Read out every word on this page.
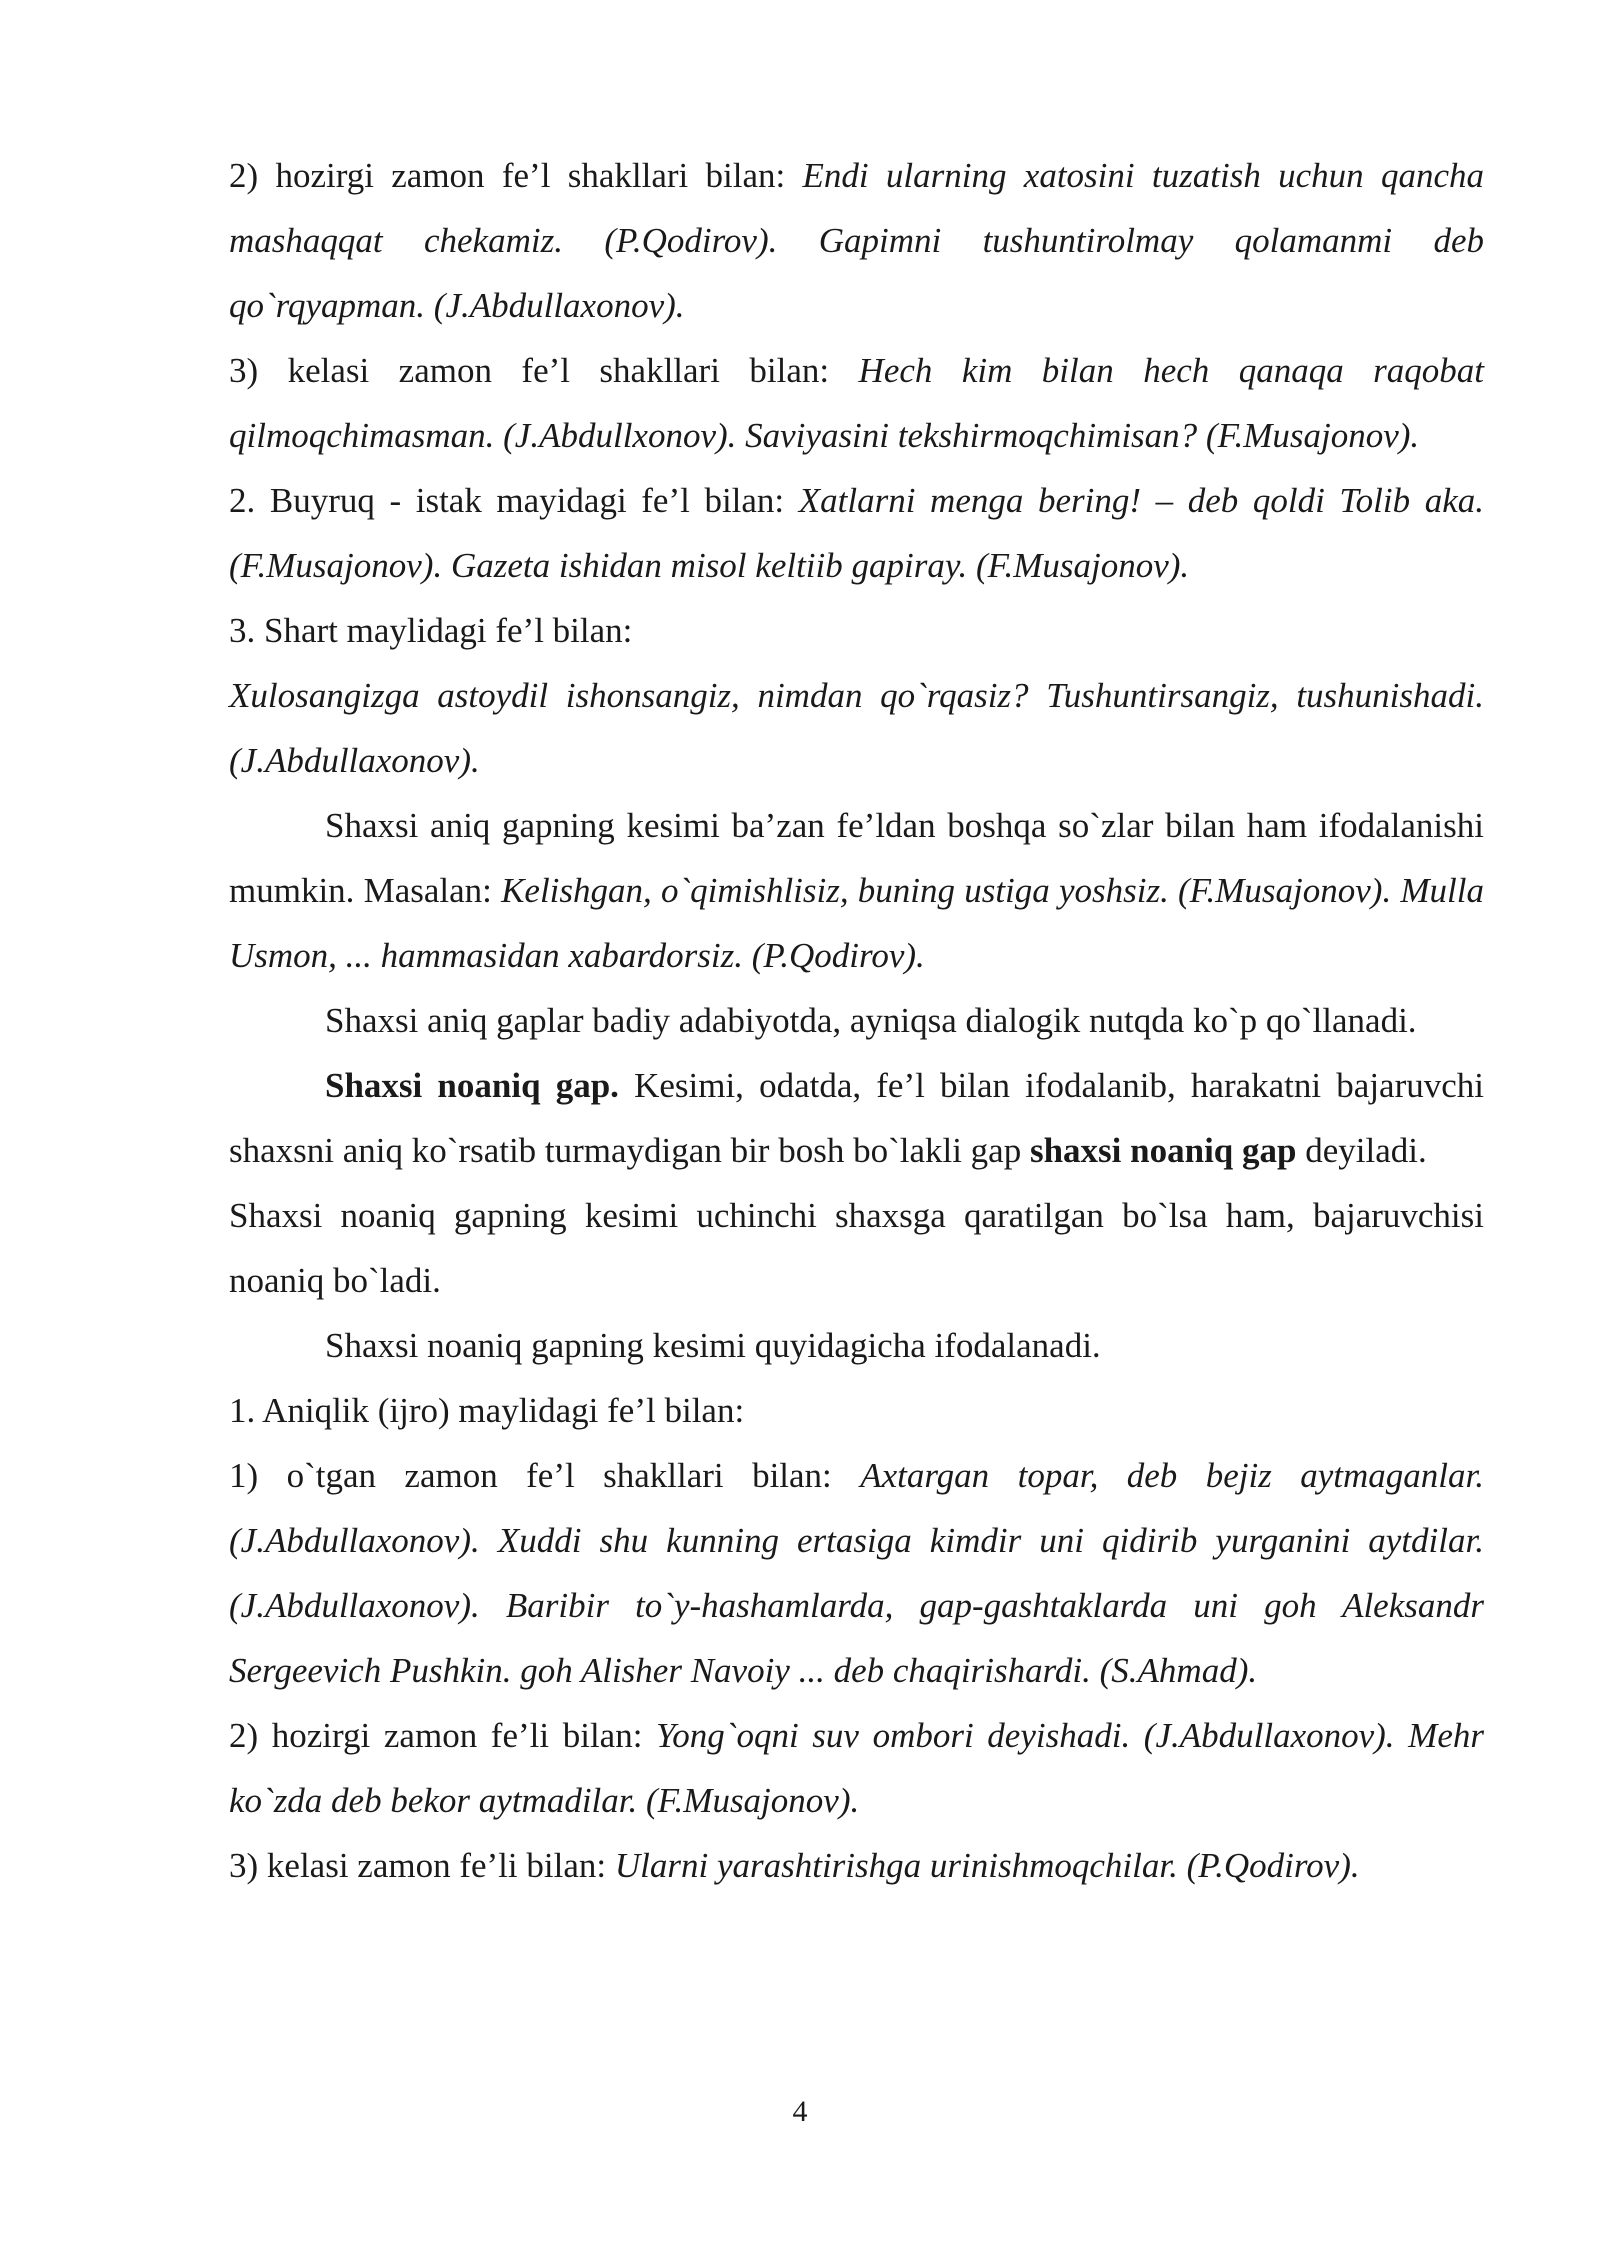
2) hozirgi zamon fe’l shakllari bilan: Endi ularning xatosini tuzatish uchun qancha mashaqqat chekamiz. (P.Qodirov). Gapimni tushuntirolmay qolamanmi deb qo`rqyapman. (J.Abdullaxonov).

3) kelasi zamon fe’l shakllari bilan: Hech kim bilan hech qanaqa raqobat qilmoqchimasman. (J.Abdullxonov). Saviyasini tekshirmoqchimisan? (F.Musajonov).

2. Buyruq - istak mayidagi fe’l bilan: Xatlarni menga bering! – deb qoldi Tolib aka. (F.Musajonov). Gazeta ishidan misol keltiib gapiray. (F.Musajonov).

3. Shart maylidagi fe’l bilan:

Xulosangizga astoydil ishonsangiz, nimdan qo`rqasiz? Tushuntirsangiz, tushunishadi. (J.Abdullaxonov).

Shaxsi aniq gapning kesimi ba’zan fe’ldan boshqa so`zlar bilan ham ifodalanishi mumkin. Masalan: Kelishgan, o`qimishlisiz, buning ustiga yoshsiz. (F.Musajonov). Mulla Usmon, ... hammasidan xabardorsiz. (P.Qodirov).

Shaxsi aniq gaplar badiy adabiyotda, ayniqsa dialogik nutqda ko`p qo`llanadi.

Shaxsi noaniq gap. Kesimi, odatda, fe’l bilan ifodalanib, harakatni bajaruvchi shaxsni aniq ko`rsatib turmaydigan bir bosh bo`lakli gap shaxsi noaniq gap deyiladi.

Shaxsi noaniq gapning kesimi uchinchi shaxsga qaratilgan bo`lsa ham, bajaruvchisi noaniq bo`ladi.

Shaxsi noaniq gapning kesimi quyidagicha ifodalanadi.

1. Aniqlik (ijro) maylidagi fe’l bilan:

1) o`tgan zamon fe’l shakllari bilan: Axtargan topar, deb bejiz aytmaganlar. (J.Abdullaxonov). Xuddi shu kunning ertasiga kimdir uni qidirib yurganini aytdilar. (J.Abdullaxonov). Baribir to`y-hashamlarda, gap-gashtaklarda uni goh Aleksandr Sergeevich Pushkin. goh Alisher Navoiy ... deb chaqirishardi. (S.Ahmad).

2) hozirgi zamon fe’li bilan: Yong`oqni suv ombori deyishadi. (J.Abdullaxonov). Mehr ko`zda deb bekor aytmadilar. (F.Musajonov).

3) kelasi zamon fe’li bilan: Ularni yarashtirishga urinishmoqchilar. (P.Qodirov).

4
